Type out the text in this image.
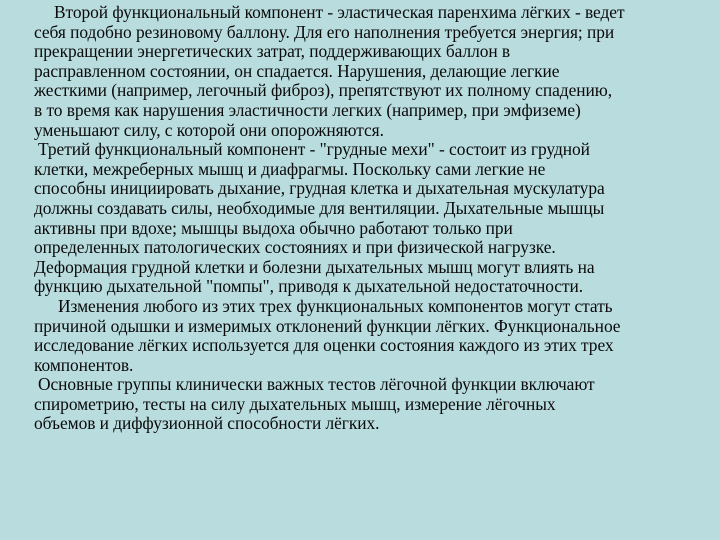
Второй функциональный компонент - эластическая паренхима лёгких - ведет
себя подобно резиновому баллону. Для его наполнения требуется энергия; при
прекращении энергетических затрат, поддерживающих баллон в
расправленном состоянии, он спадается. Нарушения, делающие легкие
жесткими (например, легочный фиброз), препятствуют их полному спадению,
в то время как нарушения эластичности легких (например, при эмфиземе)
уменьшают силу, с которой они опорожняются.

Третий функциональный компонент - "грудные мехи" - состоит из грудной
клетки, межреберных мышц и диафрагмы. Поскольку сами легкие не
способны инициировать дыхание, грудная клетка и дыхательная мускулатура
должны создавать силы, необходимые для вентиляции. Дыхательные мышцы
активны при вдохе; мышцы выдоха обычно работают только при
определенных патологических состояниях и при физической нагрузке.
Деформация грудной клетки и болезни дыхательных мышц могут влиять на
функцию дыхательной "помпы", приводя к дыхательной недостаточности.

Изменения любого из этих трех функциональных компонентов могут стать
причиной одышки и измеримых отклонений функции лёгких. Функциональное
исследование лёгких используется для оценки состояния каждого из этих трех
компонентов.

Основные группы клинически важных тестов лёгочной функции включают
спирометрию, тесты на силу дыхательных мышц, измерение лёгочных
объемов и диффузионной способности лёгких.
